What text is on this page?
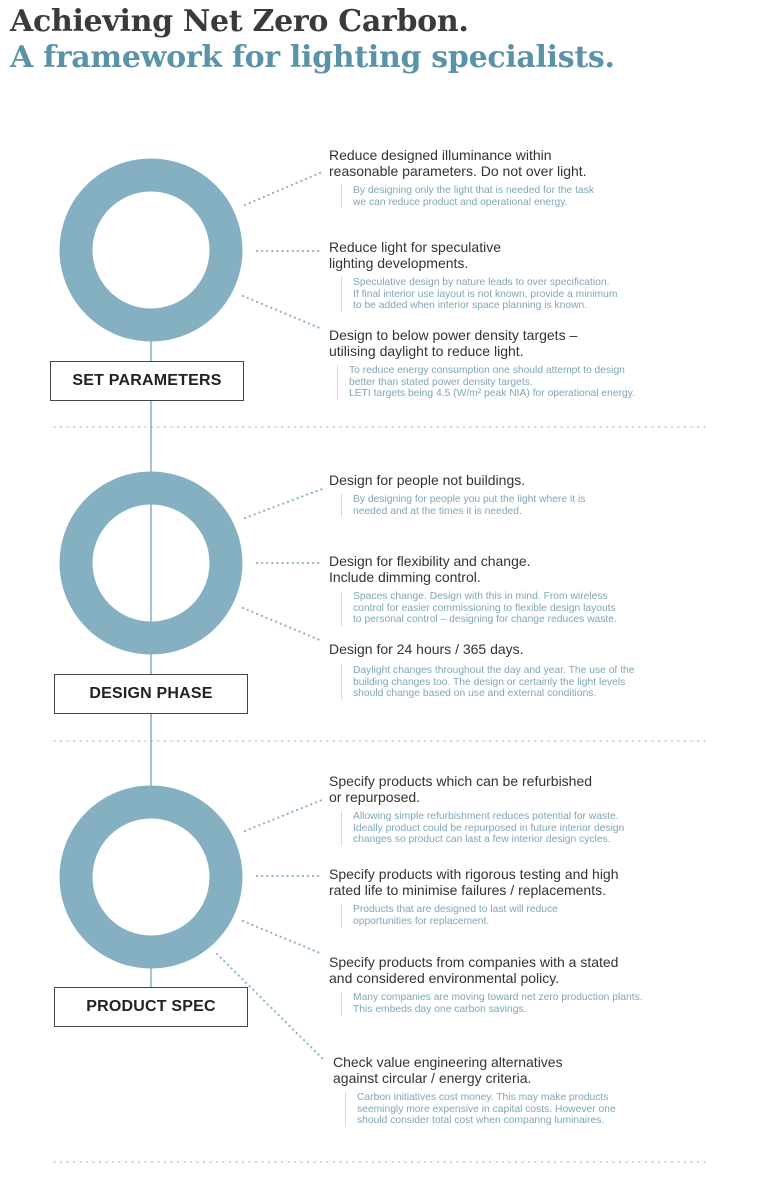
Achieving Net Zero Carbon.
A framework for lighting specialists.
SET PARAMETERS
DESIGN PHASE
PRODUCT SPEC
Reduce designed illuminance within
reasonable parameters. Do not over light.
By designing only the light that is needed for the task
we can reduce product and operational energy.
Reduce light for speculative
lighting developments.
Speculative design by nature leads to over specification.
If final interior use layout is not known, provide a minimum
to be added when interior space planning is known.
Design to below power density targets –
utilising daylight to reduce light.
To reduce energy consumption one should attempt to design
better than stated power density targets.
LETI targets being 4.5 (W/m² peak NIA) for operational energy.
Design for people not buildings.
By designing for people you put the light where it is
needed and at the times it is needed.
Design for flexibility and change.
Include dimming control.
Spaces change. Design with this in mind. From wireless
control for easier commissioning to flexible design layouts
to personal control – designing for change reduces waste.
Design for 24 hours / 365 days.
Daylight changes throughout the day and year. The use of the
building changes too. The design or certainly the light levels
should change based on use and external conditions.
Specify products which can be refurbished
or repurposed.
Allowing simple refurbishment reduces potential for waste.
Ideally product could be repurposed in future interior design
changes so product can last a few interior design cycles.
Specify products with rigorous testing and high
rated life to minimise failures / replacements.
Products that are designed to last will reduce
opportunities for replacement.
Specify products from companies with a stated
and considered environmental policy.
Many companies are moving toward net zero production plants.
This embeds day one carbon savings.
Check value engineering alternatives
against circular / energy criteria.
Carbon initiatives cost money. This may make products
seemingly more expensive in capital costs. However one
should consider total cost when comparing luminaires.
